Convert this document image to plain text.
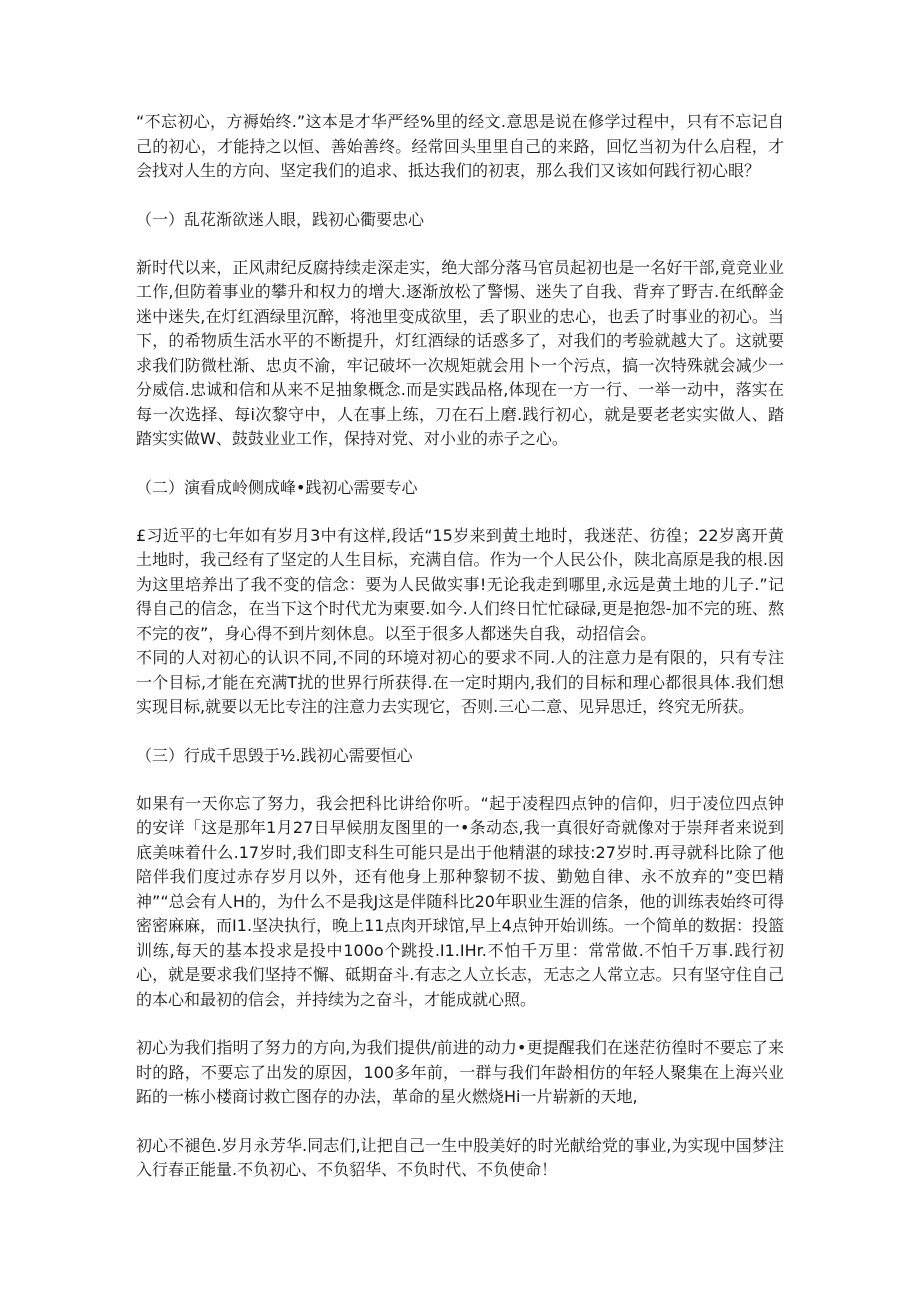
“不忘初心，方褥始终.”这本是才华严经%里的经文.意思是说在修学过程中，只有不忘记自己的初心，才能持之以恒、善始善终。经常回头里里自己的来路，回忆当初为什么启程，才会找对人生的方向、坚定我们的追求、抵达我们的初衷，那么我们又该如何践行初心眼？

（一）乱花渐欲迷人眼，践初心衢要忠心

新时代以来，正风肃纪反腐持续走深走实，绝大部分落马官员起初也是一名好干部,竟竞业业工作,但防着事业的攀升和权力的增大.逐渐放松了警惕、迷失了自我、背弃了野吉.在纸醉金迷中迷失,在灯红酒绿里沉醉，将池里变成欲里，丢了职业的忠心，也丢了时事业的初心。当下，的希物质生活水平的不断提升，灯红酒绿的话惑多了，对我们的考验就越大了。这就要求我们防微杜渐、忠贞不渝，牢记破坏一次规矩就会用卜一个污点，搞一次特殊就会减少一分威信.忠诚和信和从来不足抽象概念.而是实践品格,体现在一方一行、一举一动中，落实在每一次选择、每i次黎守中，人在事上练，刀在石上磨.践行初心，就是要老老实实做人、踏踏实实做W、鼓鼓业业工作，保持对党、对小业的赤子之心。

（二）演看成岭侧成峰•践初心需要专心

£习近平的七年如有岁月3中有这样,段话“15岁来到黄土地时，我迷茫、彷徨；22岁离开黄土地时，我己经有了坚定的人生目标，充满自信。作为一个人民公仆，陕北高原是我的根.因为这里培养出了我不变的信念：要为人民做实事!无论我走到哪里,永远是黄土地的儿子.”记得自己的信念，在当下这个时代尤为柬要.如今.人们终日忙忙碌碌,更是抱怨-加不完的班、熬不完的夜”，身心得不到片刻休息。以至于很多人都迷失自我，动招信会。

不同的人对初心的认识不同,不同的环境对初心的要求不同.人的注意力是有限的，只有专注一个目标,才能在充满T扰的世界行所获得.在一定时期内,我们的目标和理心都很具体.我们想实现目标,就要以无比专注的注意力去实现它，否则.三心二意、见异思迁，终究无所获。

（三）行成千思毁于½.践初心需要恒心

如果有一天你忘了努力，我会把科比讲给你听。“起于凌程四点钟的信仰，归于凌位四点钟的安详「这是那年1月27日早候朋友图里的一•条动态,我一真很好奇就像对于崇拜者来说到底美味着什么.17岁时,我们即支科生可能只是出于他精湛的球技:27岁时.再寻就科比除了他陪伴我们度过赤存岁月以外，还有他身上那种黎韧不拔、勤勉自律、永不放弃的”变巴精神”“总会有人H的，为什么不是我J这是伴随科比20年职业生涯的信条，他的训练表始终可得密密麻麻，而I1.坚决执行，晚上11点肉开球馆,早上4点钟开始训练。一个简单的数据：投篮训练,每天的基本投求是投中100o个跳投.I1.IHr.不怕千万里：常常做.不怕千万事.践行初心，就是要求我们坚持不懈、砥期奋斗.有志之人立长志，无志之人常立志。只有坚守住自己的本心和最初的信会，并持续为之奋斗，才能成就心照。

初心为我们指明了努力的方向,为我们提供/前进的动力•更提醒我们在迷茫彷徨时不要忘了来时的路，不要忘了出发的原因，100多年前，一群与我们年龄相仿的年轻人聚集在上海兴业跖的一栋小楼商讨救亡图存的办法，革命的星火燃烧Hi一片崭新的天地,

初心不褪色.岁月永芳华.同志们,让把自己一生中股美好的时光献给党的事业,为实现中国梦注入行春正能量.不负初心、不负貂华、不负时代、不负使命！
